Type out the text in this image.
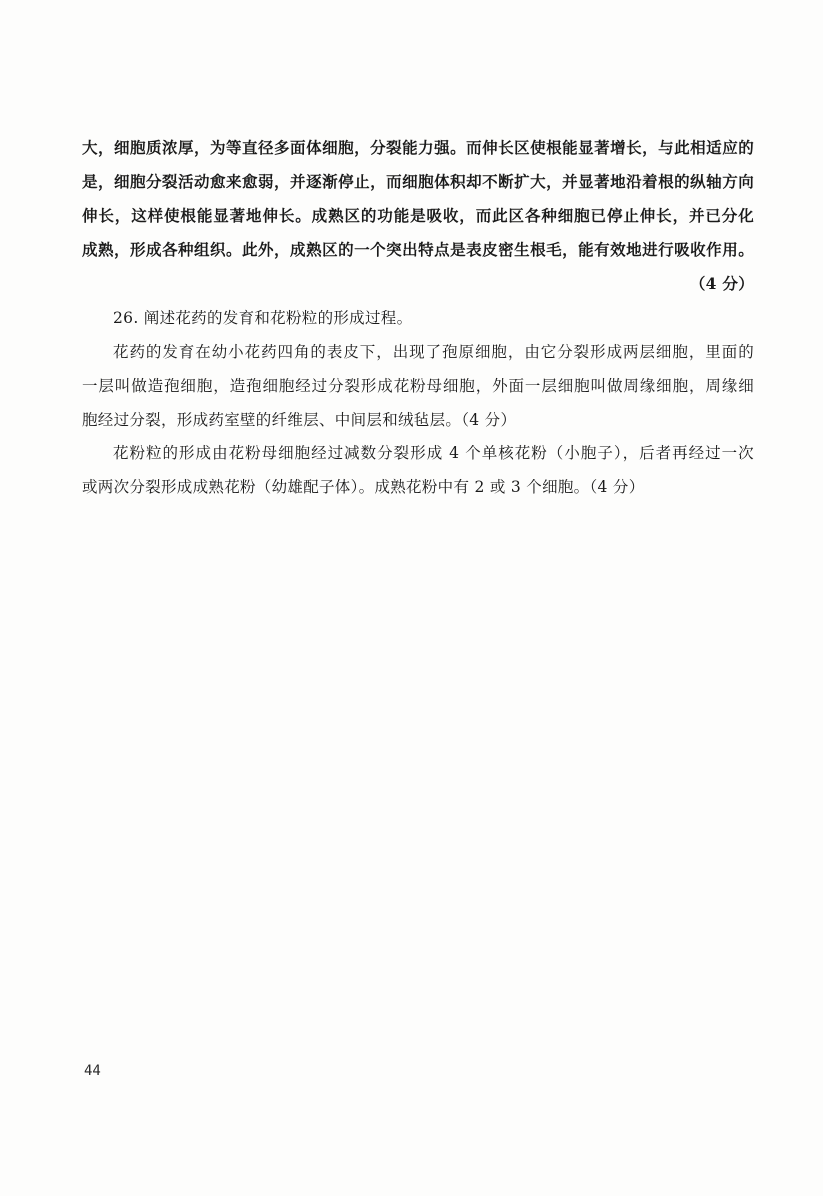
大，细胞质浓厚，为等直径多面体细胞，分裂能力强。而伸长区使根能显著增长，与此相适应的
是，细胞分裂活动愈来愈弱，并逐渐停止，而细胞体积却不断扩大，并显著地沿着根的纵轴方向
伸长，这样使根能显著地伸长。成熟区的功能是吸收，而此区各种细胞已停止伸长，并已分化
成熟，形成各种组织。此外，成熟区的一个突出特点是表皮密生根毛，能有效地进行吸收作用。
（4 分）
26. 阐述花药的发育和花粉粒的形成过程。
花药的发育在幼小花药四角的表皮下，出现了孢原细胞，由它分裂形成两层细胞，里面的
一层叫做造孢细胞，造孢细胞经过分裂形成花粉母细胞，外面一层细胞叫做周缘细胞，周缘细
胞经过分裂，形成药室壁的纤维层、中间层和绒毡层。（4 分）
花粉粒的形成由花粉母细胞经过减数分裂形成 4 个单核花粉（小胞子），后者再经过一次
或两次分裂形成成熟花粉（幼雄配子体）。成熟花粉中有 2 或 3 个细胞。（4 分）
44
